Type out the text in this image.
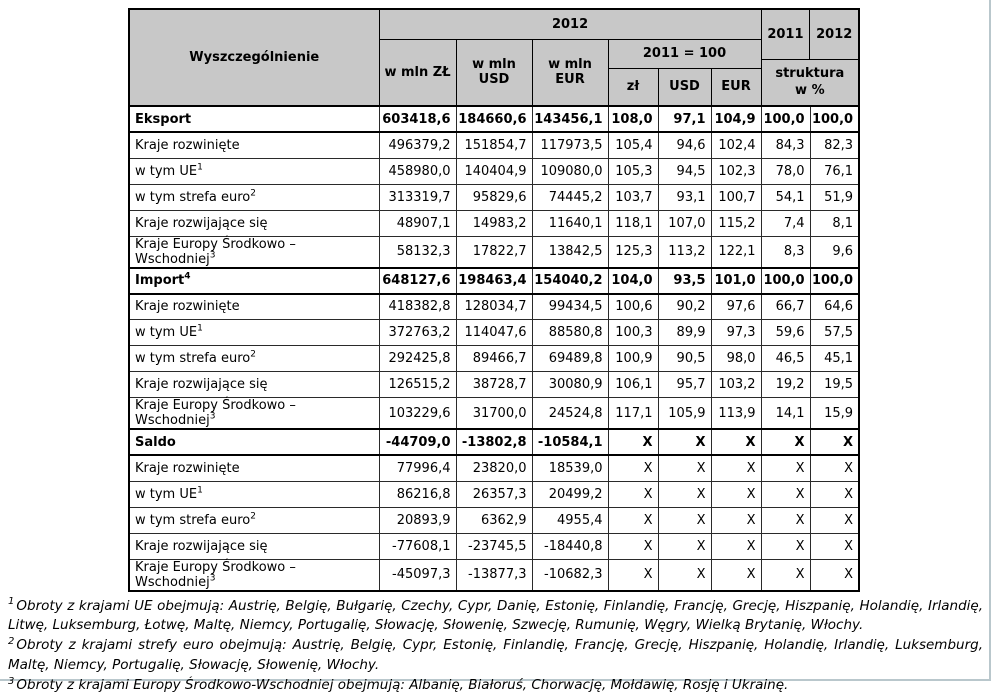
Wyszczególnienie	2012						2011 2012
struktura w %	

	w mln ZŁ	w mln USD	w mln EUR	2011 = 100				
				zł	USD	EUR		
Eksport	603418,6	184660,6	143456,1	108,0	97,1	104,9	100,0	100,0
Kraje rozwinięte	496379,2	151854,7	117973,5	105,4	94,6	102,4	84,3	82,3
w tym $UE^1$	458980,0	140404,9	109080,0	105,3	94,5	102,3	78,0	76,1
w tym strefa euro$^2$	313319,7	95829,6	74445,2	103,7	93,1	100,7	54,1	51,9
Kraje rozwijające się	48907,1	14983,2	11640,1	118,1	107,0	115,2	7,4	8,1
Kraje Europy Środkowo – Wschodniej$^3$	58132,3	17822,7	13842,5	125,3	113,2	122,1	8,3	9,6
Import$^4$	648127,6	198463,4	154040,2	104,0	93,5	101,0	100,0	100,0
Kraje rozwinięte	418382,8	128034,7	99434,5	100,6	90,2	97,6	66,7	64,6
w tym $UE^1$	372763,2	114047,6	88580,8	100,3	89,9	97,3	59,6	57,5
w tym strefa euro$^2$	292425,8	89466,7	69489,8	100,9	90,5	98,0	46,5	45,1
Kraje rozwijające się	126515,2	38728,7	30080,9	106,1	95,7	103,2	19,2	19,5
Kraje Europy Środkowo – Wschodniej$^3$	103229,6	31700,0	24524,8	117,1	105,9	113,9	14,1	15,9
Saldo	-44709,0	-13802,8	-10584,1	X	X	X	X	X
Kraje rozwinięte	77996,4	23820,0	18539,0	X	X	X	X	X
w tym $UE^1$	86216,8	26357,3	20499,2	X	X	X	X	X
w tym strefa euro$^2$	20893,9	6362,9	4955,4	X	X	X	X	X
Kraje rozwijające się	-77608,1	-23745,5	-18440,8	X	X	X	X	X
Kraje Europy Środkowo – Wschodniej$^3$	-45097,3	-13877,3	-10682,3	X	X	X	X	X

$^1$ Obroty z krajami UE obejmują: Austrię, Belgię, Bułgarię, Czechy, Cypr, Danię, Estonię, Finlandię, Francję, Grecję, Hiszpanię, Holandię, Irlandię, Litwę, Luksemburg, Łotwę, Maltę, Niemcy, Portugalię, Słowację, Słowenię, Szwecję, Rumunię, Węgry, Wielką Brytanię, Włochy.

$^2$ Obroty z krajami strefy euro obejmują: Austrię, Belgię, Cypr, Estonię, Finlandię, Francję, Grecję, Hiszpanię, Holandię, Irlandię, Luksemburg, Maltę, Niemcy, Portugalię, Słowację, Słowenię, Włochy.

$^3$ Obroty z krajami Europy Środkowo-Wschodniej obejmują: Albanię, Białoruś, Chorwację, Mołdawię, Rosję i Ukrainę.
